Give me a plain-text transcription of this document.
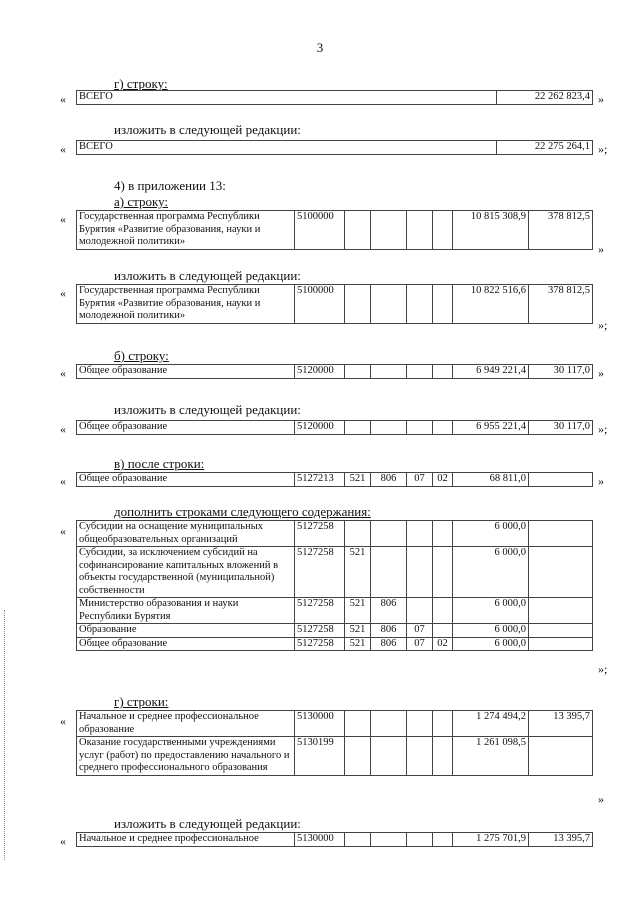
3
г) строку:
« ВСЕГО	22 262 823,4 »
изложить в следующей редакции:
« ВСЕГО	22 275 264,1 »;
4) в приложении 13:
а) строку:
« Государственная программа Республики Бурятия «Развитие образования, науки и молодежной политики»	5100000					10 815 308,9	378 812,5
»
изложить в следующей редакции:
« Государственная программа Республики Бурятия «Развитие образования, науки и молодежной политики»	5100000					10 822 516,6	378 812,5
»;
б) строку:
« Общее образование	5120000					6 949 221,4	30 117,0 »
изложить в следующей редакции:
« Общее образование	5120000					6 955 221,4	30 117,0 »;
в) после строки:
« Общее образование	5127213	521	806	07	02	68 811,0		»
дополнить строками следующего содержания:
« Субсидии на оснащение муниципальных общеобразовательных организаций	5127258					6 000,0	
Субсидии, за исключением субсидий на софинансирование капитальных вложений в объекты государственной (муниципальной) собственности	5127258	521				6 000,0	
Министерство образования и науки Республики Бурятия	5127258	521	806			6 000,0	
Образование	5127258	521	806	07		6 000,0	
Общее образование	5127258	521	806	07	02	6 000,0	
»;
г) строки:
« Начальное и среднее профессиональное образование	5130000					1 274 494,2	13 395,7
Оказание государственными учреждениями услуг (работ) по предоставлению начального и среднего профессионального образования	5130199					1 261 098,5	
»
изложить в следующей редакции:
« Начальное и среднее профессиональное	5130000					1 275 701,9	13 395,7
